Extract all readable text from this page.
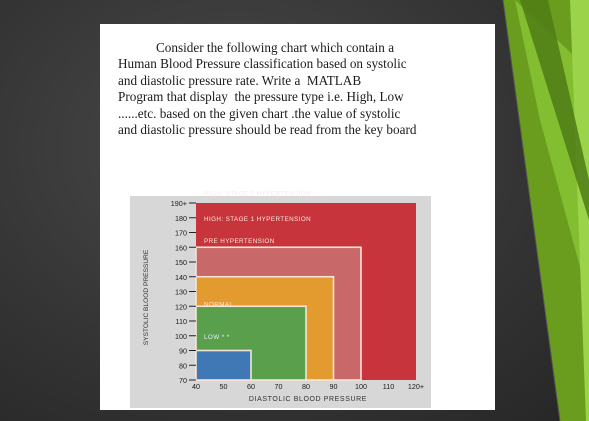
Consider the following chart which contain a
Human Blood Pressure classification based on systolic
and diastolic pressure rate. Write a  MATLAB
Program that display  the pressure type i.e. High, Low
......etc. based on the given chart .the value of systolic
and diastolic pressure should be read from the key board
HIGH: STAGE 2 HYPERTENSION
HIGH: STAGE 1 HYPERTENSION
PRE HYPERTENSION
NORMAL
LOW * *
70
80
90
100
110
120
130
140
150
160
170
180
190+
40	50	60	70	80	90 100 110 120+
DIASTOLIC BLOOD PRESSURE
SYSTOLIC BLOOD PRESSURE
